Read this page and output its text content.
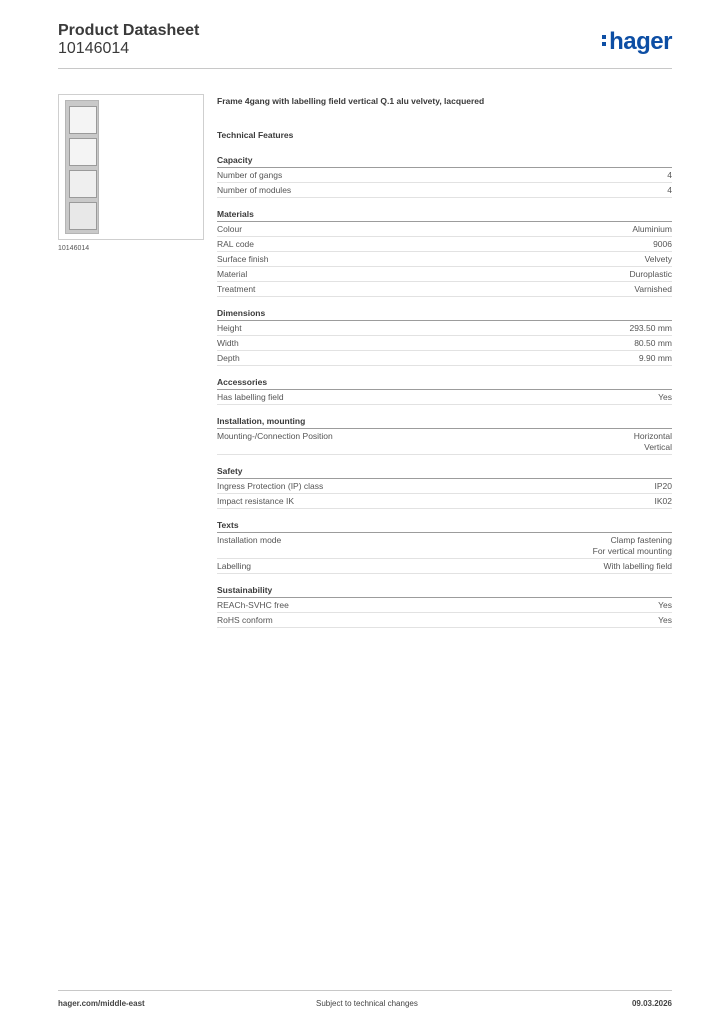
Product Datasheet
10146014	hager
10146014
Frame 4gang with labelling field vertical Q.1 alu velvety, lacquered
Technical Features
Capacity
Number of gangs	4
Number of modules	4
Materials
Colour	Aluminium
RAL code	9006
Surface finish	Velvety
Material	Duroplastic
Treatment	Varnished
Dimensions
Height	293.50 mm
Width	80.50 mm
Depth	9.90 mm
Accessories
Has labelling field	Yes
Installation, mounting
Mounting-/Connection Position	Horizontal
Vertical
Safety
Ingress Protection (IP) class	IP20
Impact resistance IK	IK02
Texts
Installation mode	Clamp fastening
For vertical mounting
Labelling	With labelling field
Sustainability
REACh-SVHC free	Yes
RoHS conform	Yes
hager.com/middle-east	Subject to technical changes	09.03.2026
